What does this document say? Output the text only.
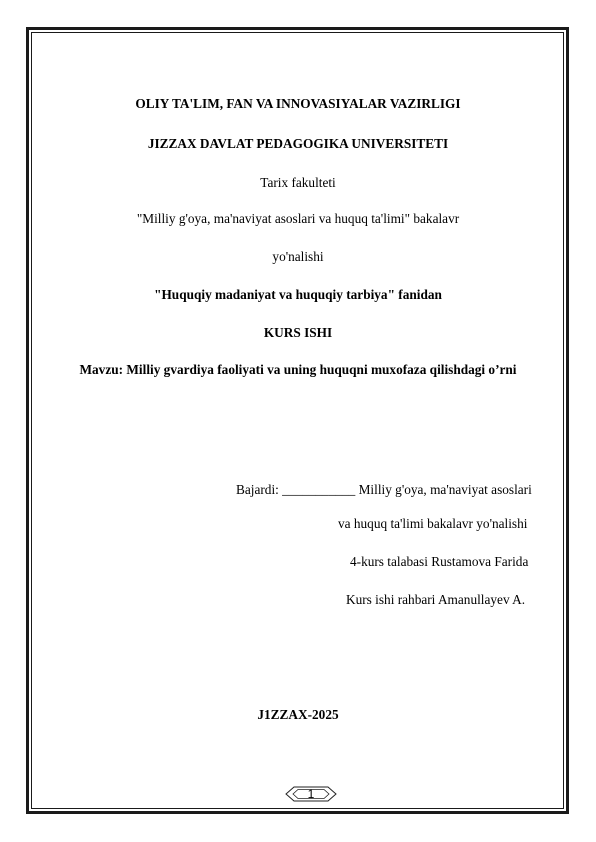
OLIY TA'LIM, FAN VA INNOVASIYALAR VAZIRLIGI
JIZZAX DAVLAT PEDAGOGIKA UNIVERSITETI
Tarix fakulteti
"Milliy g'oya, ma'naviyat asoslari va huquq ta'limi" bakalavr
yo'nalishi
"Huquqiy madaniyat va huquqiy tarbiya" fanidan
KURS ISHI
Mavzu: Milliy gvardiya faoliyati va uning huquqni muxofaza qilishdagi o’rni
Bajardi: ___________ Milliy g'oya, ma'naviyat asoslari
va huquq ta'limi bakalavr yo'nalishi
4-kurs talabasi Rustamova Farida
Kurs ishi rahbari Amanullayev A.
J1ZZAX-2025
1
